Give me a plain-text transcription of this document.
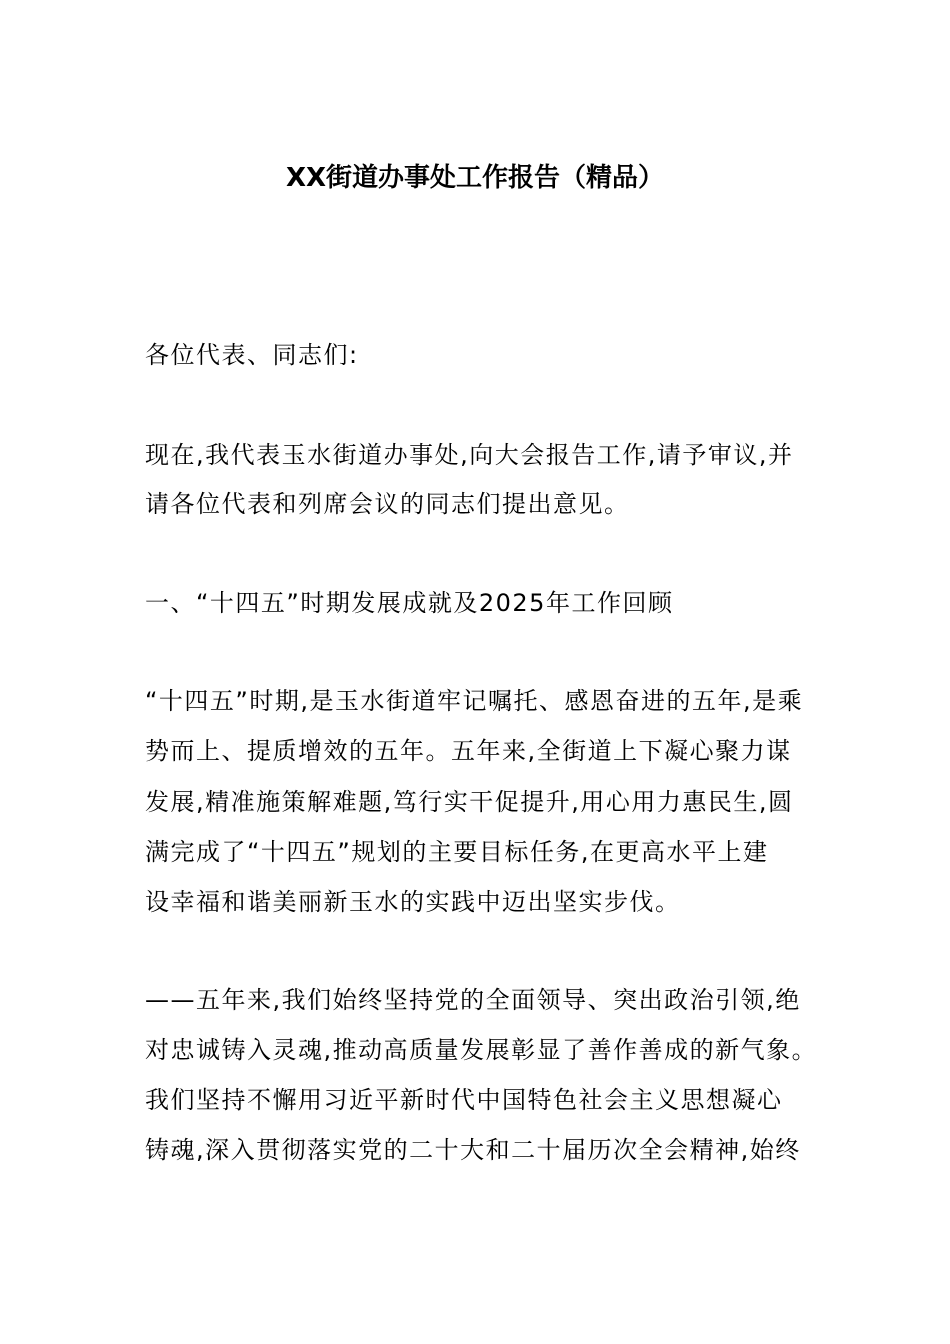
XX街道办事处工作报告（精品）
各位代表、同志们:
现在,我代表玉水街道办事处,向大会报告工作,请予审议,并
请各位代表和列席会议的同志们提出意见。
一、“十四五”时期发展成就及2025年工作回顾
“十四五”时期,是玉水街道牢记嘱托、感恩奋进的五年,是乘
势而上、提质增效的五年。五年来,全街道上下凝心聚力谋
发展,精准施策解难题,笃行实干促提升,用心用力惠民生,圆
满完成了“十四五”规划的主要目标任务,在更高水平上建
设幸福和谐美丽新玉水的实践中迈出坚实步伐。
——五年来,我们始终坚持党的全面领导、突出政治引领,绝
对忠诚铸入灵魂,推动高质量发展彰显了善作善成的新气象。
我们坚持不懈用习近平新时代中国特色社会主义思想凝心
铸魂,深入贯彻落实党的二十大和二十届历次全会精神,始终
